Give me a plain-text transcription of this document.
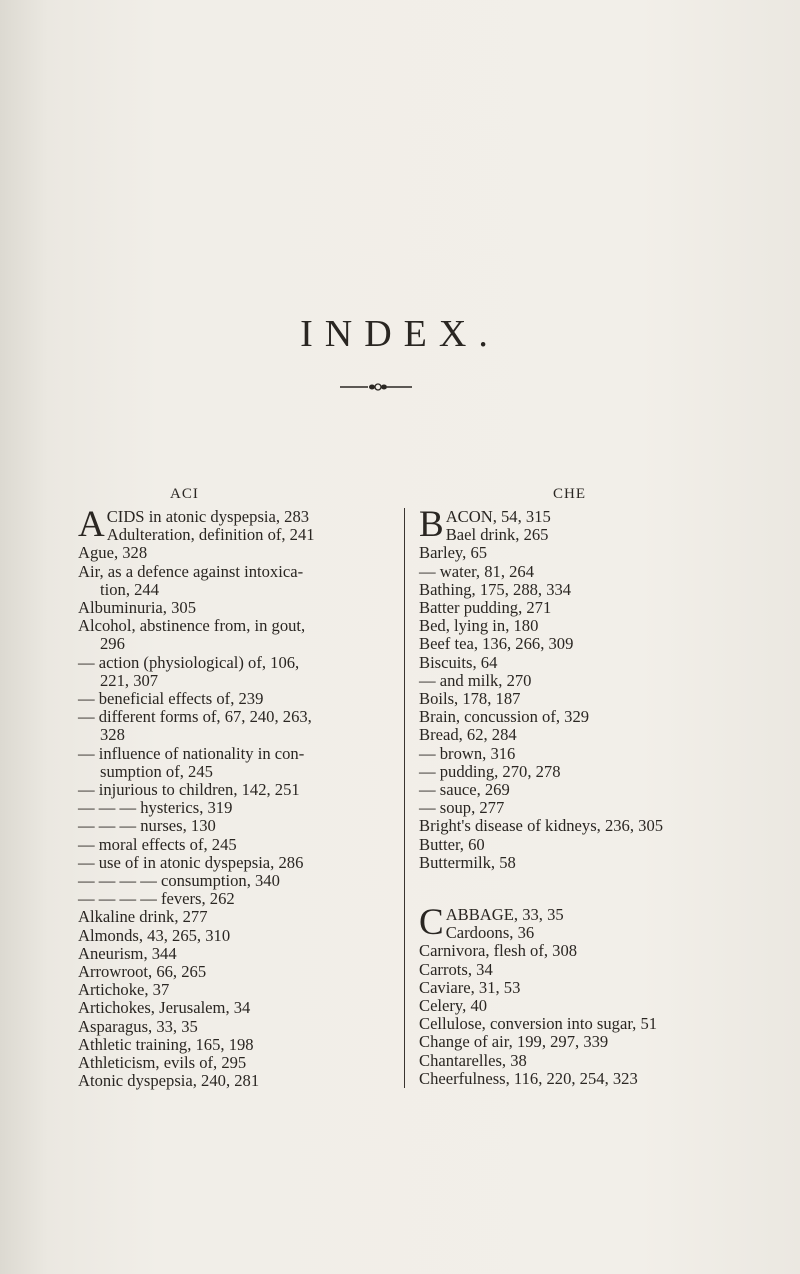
INDEX.
ACI	CHE
A CIDS in atonic dyspepsia, 283
Adulteration, definition of, 241
Ague, 328
Air, as a defence against intoxica-
tion, 244
Albuminuria, 305
Alcohol, abstinence from, in gout,
296
— action (physiological) of, 106,
221, 307
— beneficial effects of, 239
— different forms of, 67, 240, 263,
328
— influence of nationality in con-
sumption of, 245
— injurious to children, 142, 251
— — — hysterics, 319
— — — nurses, 130
— moral effects of, 245
— use of in atonic dyspepsia, 286
— — — — consumption, 340
— — — — fevers, 262
Alkaline drink, 277
Almonds, 43, 265, 310
Aneurism, 344
Arrowroot, 66, 265
Artichoke, 37
Artichokes, Jerusalem, 34
Asparagus, 33, 35
Athletic training, 165, 198
Athleticism, evils of, 295
Atonic dyspepsia, 240, 281
B ACON, 54, 315
Bael drink, 265
Barley, 65
— water, 81, 264
Bathing, 175, 288, 334
Batter pudding, 271
Bed, lying in, 180
Beef tea, 136, 266, 309
Biscuits, 64
— and milk, 270
Boils, 178, 187
Brain, concussion of, 329
Bread, 62, 284
— brown, 316
— pudding, 270, 278
— sauce, 269
— soup, 277
Bright's disease of kidneys, 236, 305
Butter, 60
Buttermilk, 58
C ABBAGE, 33, 35
Cardoons, 36
Carnivora, flesh of, 308
Carrots, 34
Caviare, 31, 53
Celery, 40
Cellulose, conversion into sugar, 51
Change of air, 199, 297, 339
Chantarelles, 38
Cheerfulness, 116, 220, 254, 323
